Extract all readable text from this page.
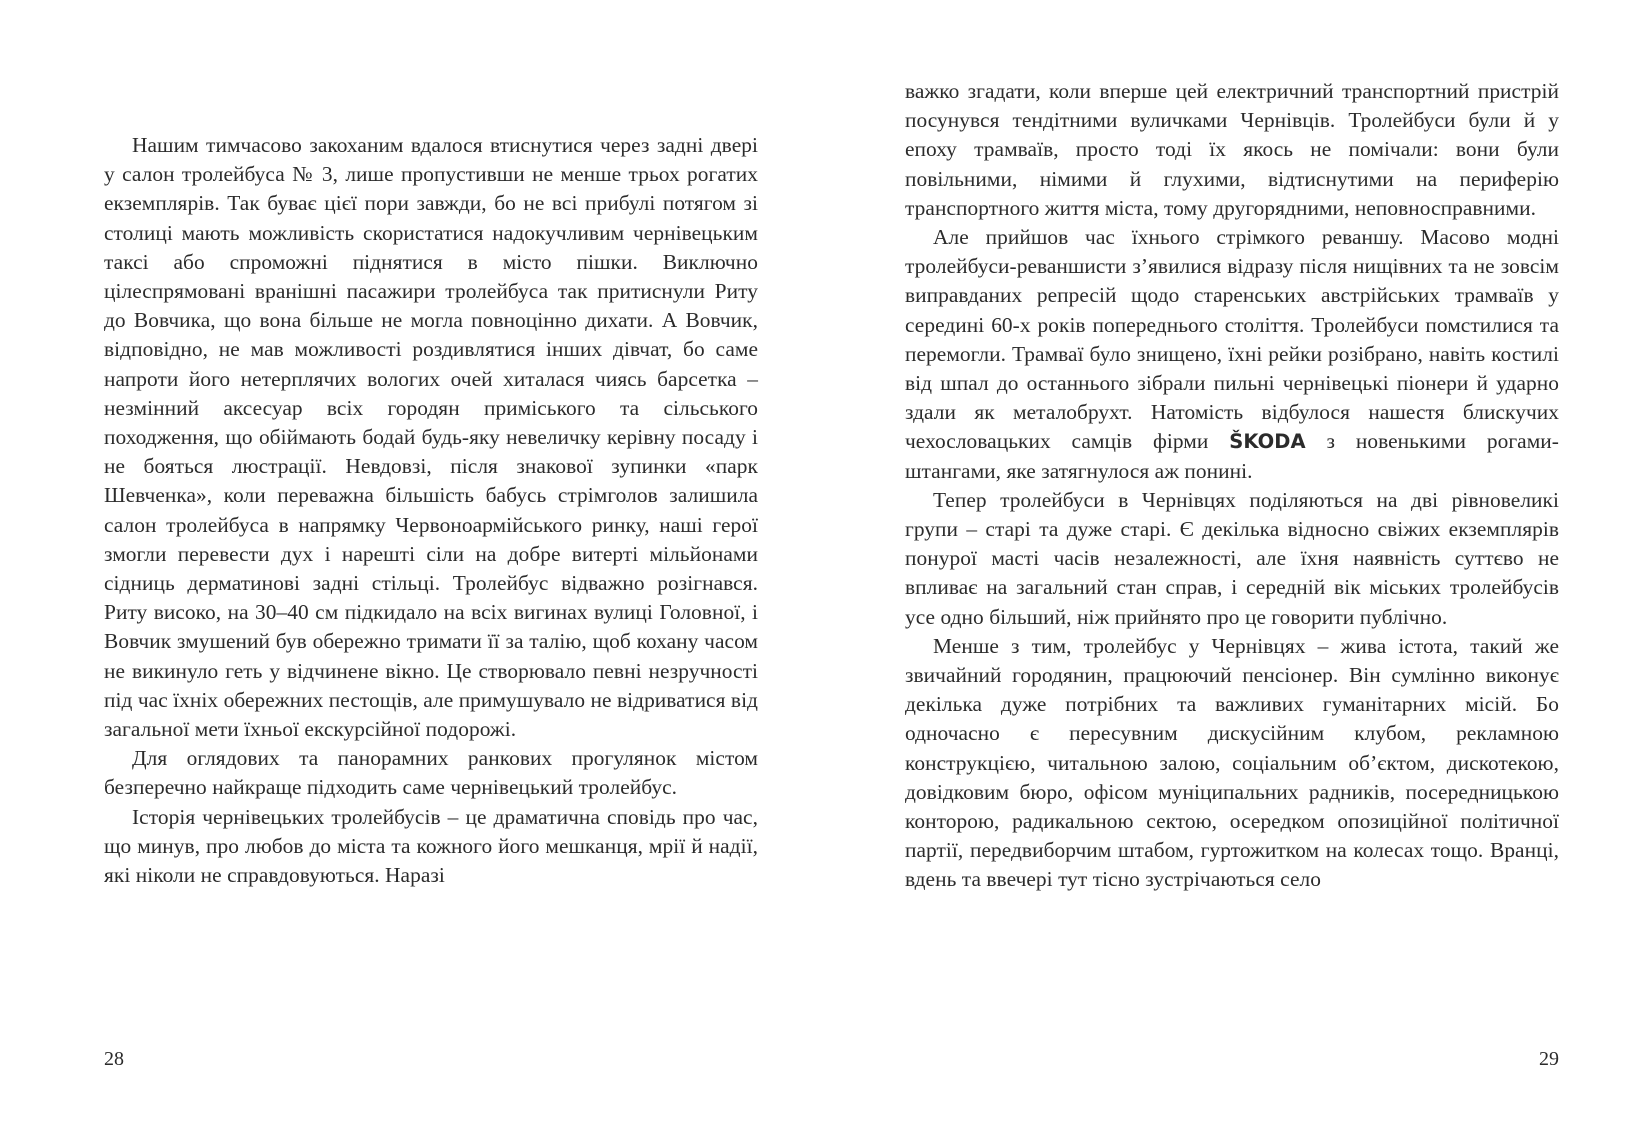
Нашим тимчасово закоханим вдалося втиснутися через задні двері у салон тролейбуса № 3, лише пропустивши не менше трьох рогатих екземплярів. Так буває цієї пори завжди, бо не всі прибулі потягом зі столиці мають можливість скористатися надокучливим чернівецьким таксі або спроможні піднятися в місто пішки. Виключно цілеспрямовані вранішні пасажири тролейбуса так притиснули Риту до Вовчика, що вона більше не могла повноцінно дихати. А Вовчик, відповідно, не мав можливості роздивлятися інших дівчат, бо саме напроти його нетерплячих вологих очей хиталася чиясь барсетка – незмінний аксесуар всіх городян приміського та сільського походження, що обіймають бодай будь-яку невеличку керівну посаду і не бояться люстрації. Невдовзі, після знакової зупинки «парк Шевченка», коли переважна більшість бабусь стрімголов залишила салон тролейбуса в напрямку Червоноармійського ринку, наші герої змогли перевести дух і нарешті сіли на добре витерті мільйонами сідниць дерматинові задні стільці. Тролейбус відважно розігнався. Риту високо, на 30–40 см підкидало на всіх вигинах вулиці Головної, і Вовчик змушений був обережно тримати її за талію, щоб кохану часом не викинуло геть у відчинене вікно. Це створювало певні незручності під час їхніх обережних пестощів, але примушувало не відриватися від загальної мети їхньої екскурсійної подорожі.

Для оглядових та панорамних ранкових прогулянок містом безперечно найкраще підходить саме чернівецький тролейбус.

Історія чернівецьких тролейбусів – це драматична сповідь про час, що минув, про любов до міста та кожного його мешканця, мрії й надії, які ніколи не справдовуються. Наразі

28

важко згадати, коли вперше цей електричний транспортний пристрій посунувся тендітними вуличками Чернівців. Тролейбуси були й у епоху трамваїв, просто тоді їх якось не помічали: вони були повільними, німими й глухими, відтиснутими на периферію транспортного життя міста, тому другорядними, неповносправними.

Але прийшов час їхнього стрімкого реваншу. Масово модні тролейбуси-реваншисти з’явилися відразу після нищівних та не зовсім виправданих репресій щодо старенських австрійських трамваїв у середині 60-х років попереднього століття. Тролейбуси помстилися та перемогли. Трамваї було знищено, їхні рейки розібрано, навіть костилі від шпал до останнього зібрали пильні чернівецькі піонери й ударно здали як металобрухт. Натомість відбулося нашестя блискучих чехословацьких самців фірми ŠKODA з новенькими рогами-штангами, яке затягнулося аж понині.

Тепер тролейбуси в Чернівцях поділяються на дві рівновеликі групи – старі та дуже старі. Є декілька відносно свіжих екземплярів понурої масті часів незалежності, але їхня наявність суттєво не впливає на загальний стан справ, і середній вік міських тролейбусів усе одно більший, ніж прийнято про це говорити публічно.

Менше з тим, тролейбус у Чернівцях – жива істота, такий же звичайний городянин, працюючий пенсіонер. Він сумлінно виконує декілька дуже потрібних та важливих гуманітарних місій. Бо одночасно є пересувним дискусійним клубом, рекламною конструкцією, читальною залою, соціальним об’єктом, дискотекою, довідковим бюро, офісом муніципальних радників, посередницькою конторою, радикальною сектою, осередком опозиційної політичної партії, передвиборчим штабом, гуртожитком на колесах тощо. Вранці, вдень та ввечері тут тісно зустрічаються село

29
